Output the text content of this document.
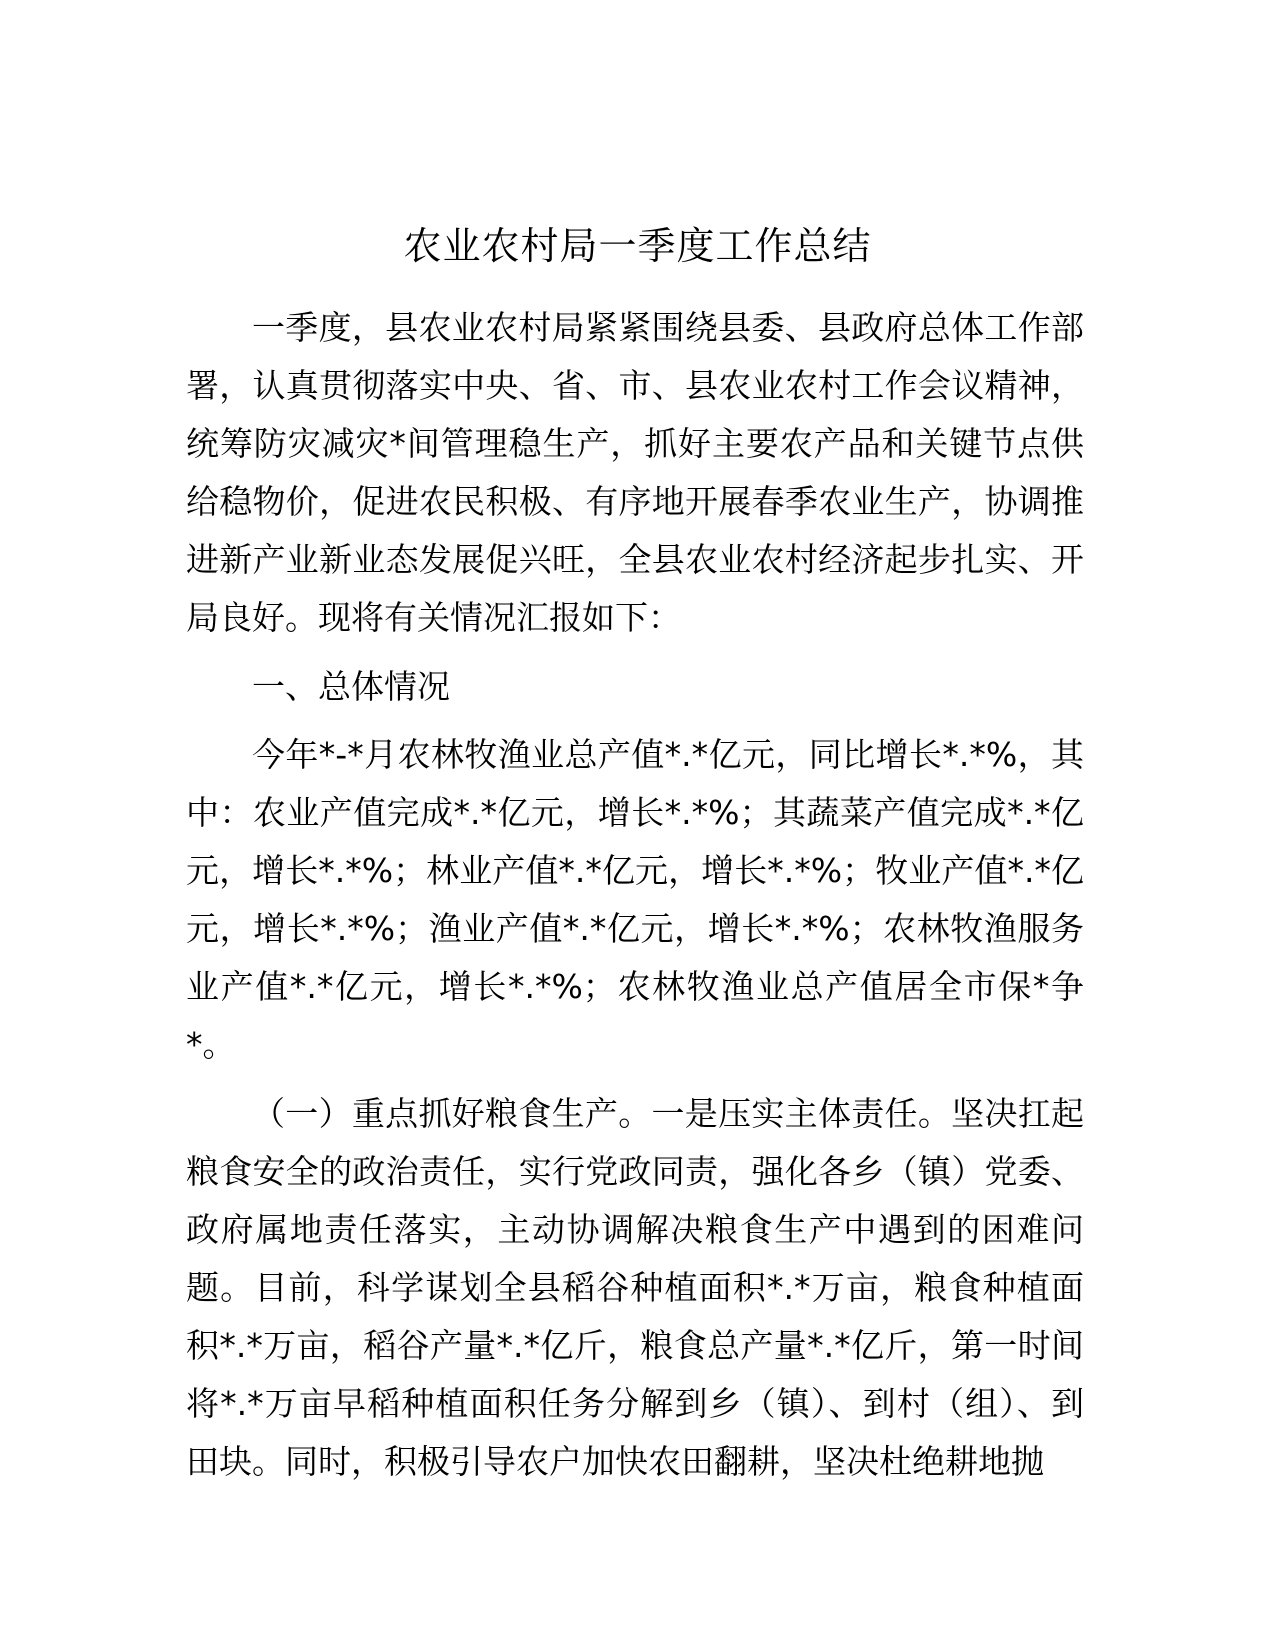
农业农村局一季度工作总结

一季度，县农业农村局紧紧围绕县委、县政府总体工作部署，认真贯彻落实中央、省、市、县农业农村工作会议精神，统筹防灾减灾*间管理稳生产，抓好主要农产品和关键节点供给稳物价，促进农民积极、有序地开展春季农业生产，协调推进新产业新业态发展促兴旺，全县农业农村经济起步扎实、开局良好。现将有关情况汇报如下：

一、总体情况

今年*-*月农林牧渔业总产值*.*亿元，同比增长*.*%，其中：农业产值完成*.*亿元，增长*.*%；其蔬菜产值完成*.*亿元，增长*.*%；林业产值*.*亿元，增长*.*%；牧业产值*.*亿元，增长*.*%；渔业产值*.*亿元，增长*.*%；农林牧渔服务业产值*.*亿元，增长*.*%；农林牧渔业总产值居全市保*争*。

（一）重点抓好粮食生产。一是压实主体责任。坚决扛起粮食安全的政治责任，实行党政同责，强化各乡（镇）党委、政府属地责任落实，主动协调解决粮食生产中遇到的困难问题。目前，科学谋划全县稻谷种植面积*.*万亩，粮食种植面积*.*万亩，稻谷产量*.*亿斤，粮食总产量*.*亿斤，第一时间将*.*万亩早稻种植面积任务分解到乡（镇）、到村（组）、到田块。同时，积极引导农户加快农田翻耕，坚决杜绝耕地抛
